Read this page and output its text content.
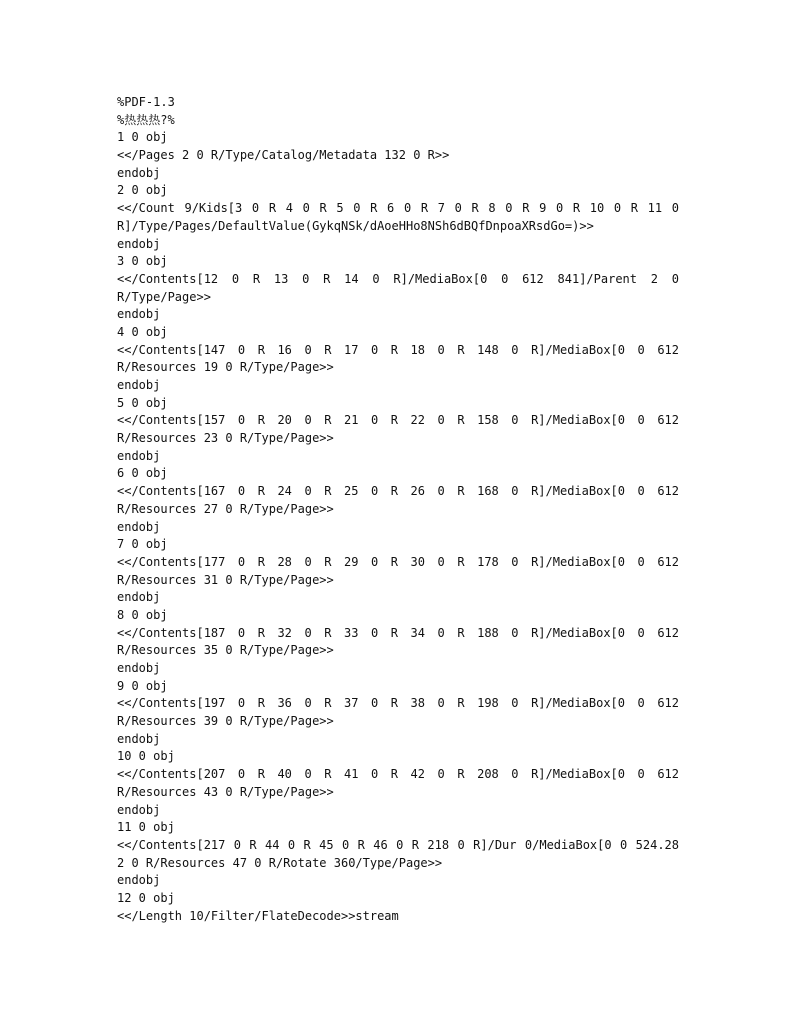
%PDF-1.3
%热热热?%
1 0 obj
<</Pages 2 0 R/Type/Catalog/Metadata 132 0 R>>
endobj
2 0 obj
<</Count 9/Kids[3 0 R 4 0 R 5 0 R 6 0 R 7 0 R 8 0 R 9 0 R 10 0 R 11 0
R]/Type/Pages/DefaultValue(GykqNSk/dAoeHHo8NSh6dBQfDnpoaXRsdGo=)>>
endobj
3 0 obj
<</Contents[12 0 R 13 0 R 14 0 R]/MediaBox[0 0 612 841]/Parent 2 0
R/Type/Page>>
endobj
4 0 obj
<</Contents[147 0 R 16 0 R 17 0 R 18 0 R 148 0 R]/MediaBox[0 0 612
R/Resources 19 0 R/Type/Page>>
endobj
5 0 obj
<</Contents[157 0 R 20 0 R 21 0 R 22 0 R 158 0 R]/MediaBox[0 0 612
R/Resources 23 0 R/Type/Page>>
endobj
6 0 obj
<</Contents[167 0 R 24 0 R 25 0 R 26 0 R 168 0 R]/MediaBox[0 0 612
R/Resources 27 0 R/Type/Page>>
endobj
7 0 obj
<</Contents[177 0 R 28 0 R 29 0 R 30 0 R 178 0 R]/MediaBox[0 0 612
R/Resources 31 0 R/Type/Page>>
endobj
8 0 obj
<</Contents[187 0 R 32 0 R 33 0 R 34 0 R 188 0 R]/MediaBox[0 0 612
R/Resources 35 0 R/Type/Page>>
endobj
9 0 obj
<</Contents[197 0 R 36 0 R 37 0 R 38 0 R 198 0 R]/MediaBox[0 0 612
R/Resources 39 0 R/Type/Page>>
endobj
10 0 obj
<</Contents[207 0 R 40 0 R 41 0 R 42 0 R 208 0 R]/MediaBox[0 0 612
R/Resources 43 0 R/Type/Page>>
endobj
11 0 obj
<</Contents[217 0 R 44 0 R 45 0 R 46 0 R 218 0 R]/Dur 0/MediaBox[0 0 524.28
2 0 R/Resources 47 0 R/Rotate 360/Type/Page>>
endobj
12 0 obj
<</Length 10/Filter/FlateDecode>>stream
